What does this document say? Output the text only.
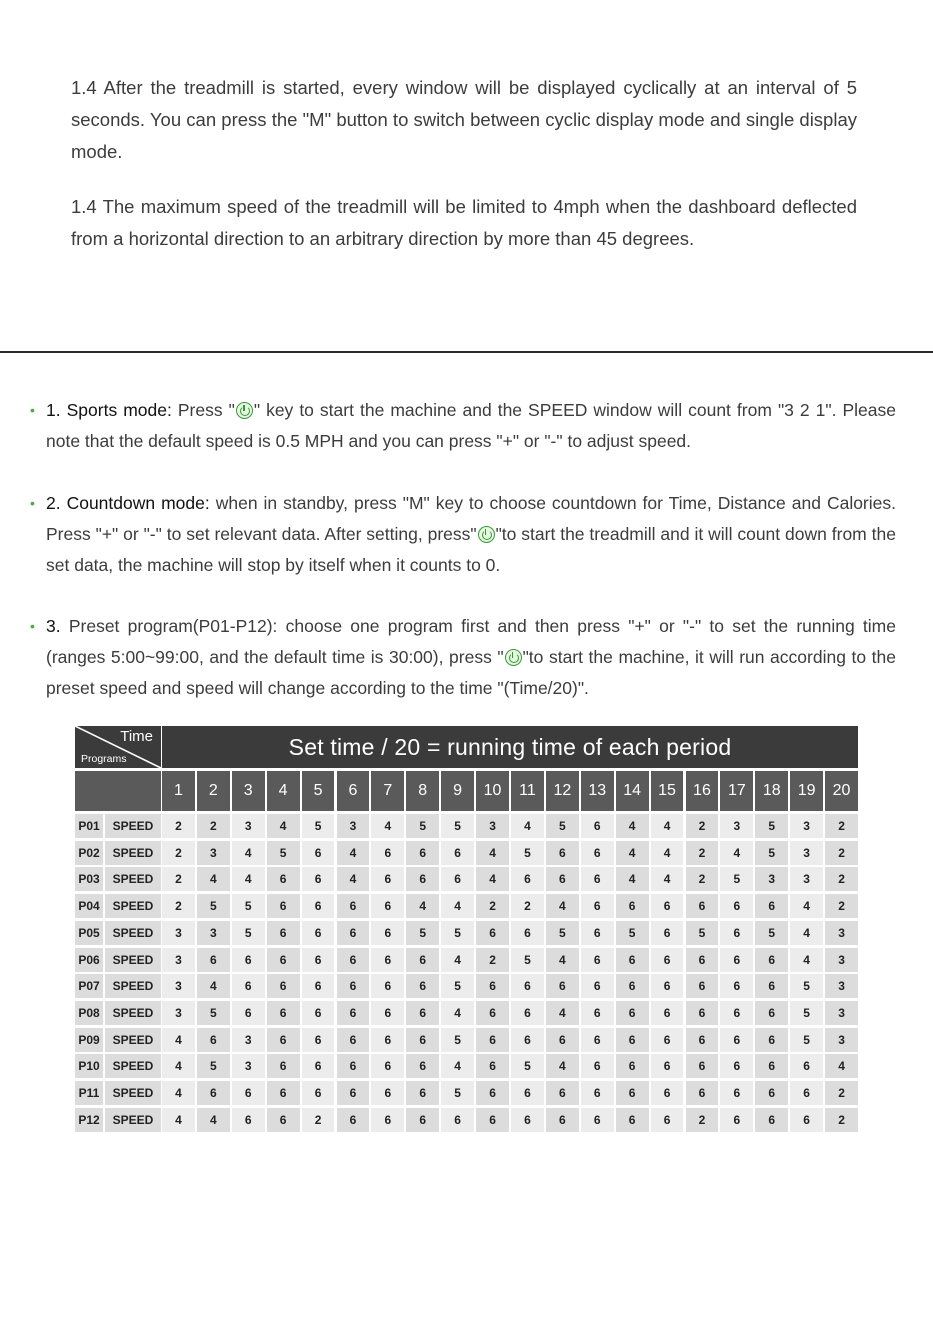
1.4 After the treadmill is started, every window will be displayed cyclically at an interval of 5 seconds. You can press the "M" button to switch between cyclic display mode and single display mode.
1.4 The maximum speed of the treadmill will be limited to 4mph when the dashboard deflected from a horizontal direction to an arbitrary direction by more than 45 degrees.
• 1. Sports mode: Press " " key to start the machine and the SPEED window will count from "3 2 1". Please note that the default speed is 0.5 MPH and you can press "+" or "-" to adjust speed.
• 2. Countdown mode: when in standby, press "M" key to choose countdown for Time, Distance and Calories. Press "+" or "-" to set relevant data. After setting, press" "to start the treadmill and it will count down from the set data, the machine will stop by itself when it counts to 0.
• 3. Preset program(P01-P12): choose one program first and then press "+" or "-" to set the running time (ranges 5:00~99:00, and the default time is 30:00), press " "to start the machine, it will run according to the preset speed and speed will change according to the time "(Time/20)".
Time
Programs	Set time / 20 = running time of each period
1	2	3	4	5	6	7	8	9	10	11	12	13	14	15	16	17	18	19	20
P01	SPEED	2	2	3	4	5	3	4	5	5	3	4	5	6	4	4	2	3	5	3	2
P02	SPEED	2	3	4	5	6	4	6	6	6	4	5	6	6	4	4	2	4	5	3	2
P03	SPEED	2	4	4	6	6	4	6	6	6	4	6	6	6	4	4	2	5	3	3	2
P04	SPEED	2	5	5	6	6	6	6	4	4	2	2	4	6	6	6	6	6	6	4	2
P05	SPEED	3	3	5	6	6	6	6	5	5	6	6	5	6	5	6	5	6	5	4	3
P06	SPEED	3	6	6	6	6	6	6	6	4	2	5	4	6	6	6	6	6	6	4	3
P07	SPEED	3	4	6	6	6	6	6	6	5	6	6	6	6	6	6	6	6	6	5	3
P08	SPEED	3	5	6	6	6	6	6	6	4	6	6	4	6	6	6	6	6	6	5	3
P09	SPEED	4	6	3	6	6	6	6	6	5	6	6	6	6	6	6	6	6	6	5	3
P10	SPEED	4	5	3	6	6	6	6	6	4	6	5	4	6	6	6	6	6	6	6	4
P11	SPEED	4	6	6	6	6	6	6	6	5	6	6	6	6	6	6	6	6	6	6	2
P12	SPEED	4	4	6	6	2	6	6	6	6	6	6	6	6	6	6	2	6	6	6	2
